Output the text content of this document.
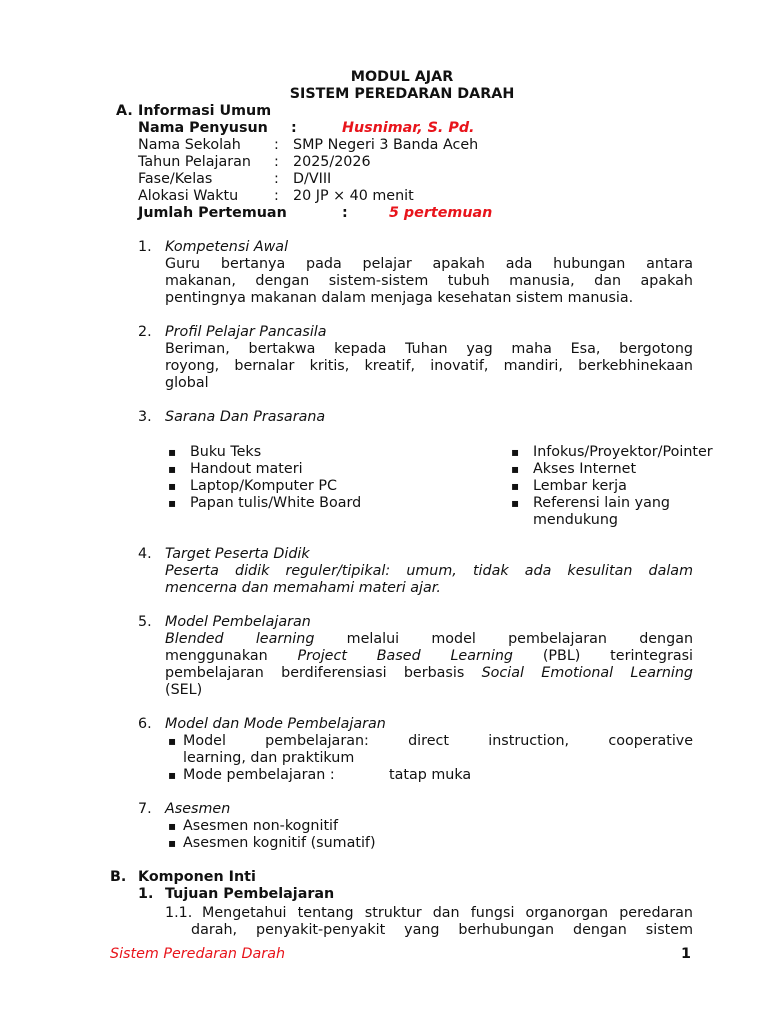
MODUL AJAR
SISTEM PEREDARAN DARAH
A. Informasi Umum
Nama Penyusun :	Husnimar, S. Pd.
Nama Sekolah : SMP Negeri 3 Banda Aceh
Tahun Pelajaran : 2025/2026
Fase/Kelas	: D/VIII
Alokasi Waktu	: 20 JP × 40 menit
Jumlah Pertemuan	:	5 pertemuan
1. Kompetensi Awal
Guru bertanya pada pelajar apakah ada hubungan antara
makanan, dengan sistem-sistem tubuh manusia, dan apakah
pentingnya makanan dalam menjaga kesehatan sistem manusia.
2. Profil Pelajar Pancasila
Beriman, bertakwa kepada Tuhan yag maha Esa, bergotong
royong, bernalar kritis, kreatif, inovatif, mandiri, berkebhinekaan
global
3. Sarana Dan Prasarana
▪ Buku Teks
▪ Handout materi
▪ Laptop/Komputer PC
▪ Papan tulis/White Board
▪ Infokus/Proyektor/Pointer
▪ Akses Internet
▪ Lembar kerja
▪ Referensi lain yang
mendukung
4. Target Peserta Didik
Peserta didik reguler/tipikal: umum, tidak ada kesulitan dalam
mencerna dan memahami materi ajar.
5. Model Pembelajaran
Blended learning melalui model pembelajaran dengan
menggunakan Project Based Learning (PBL) terintegrasi
pembelajaran berdiferensiasi berbasis Social Emotional Learning
(SEL)
6. Model dan Mode Pembelajaran
▪ Model pembelajaran:	direct	instruction,	cooperative
learning, dan praktikum
▪ Mode pembelajaran :	tatap muka
7. Asesmen
▪ Asesmen non-kognitif
▪ Asesmen kognitif (sumatif)
B. Komponen Inti
1. Tujuan Pembelajaran
1.1. Mengetahui tentang struktur dan fungsi organorgan peredaran
darah, penyakit-penyakit yang berhubungan dengan sistem
Sistem Peredaran Darah	1
